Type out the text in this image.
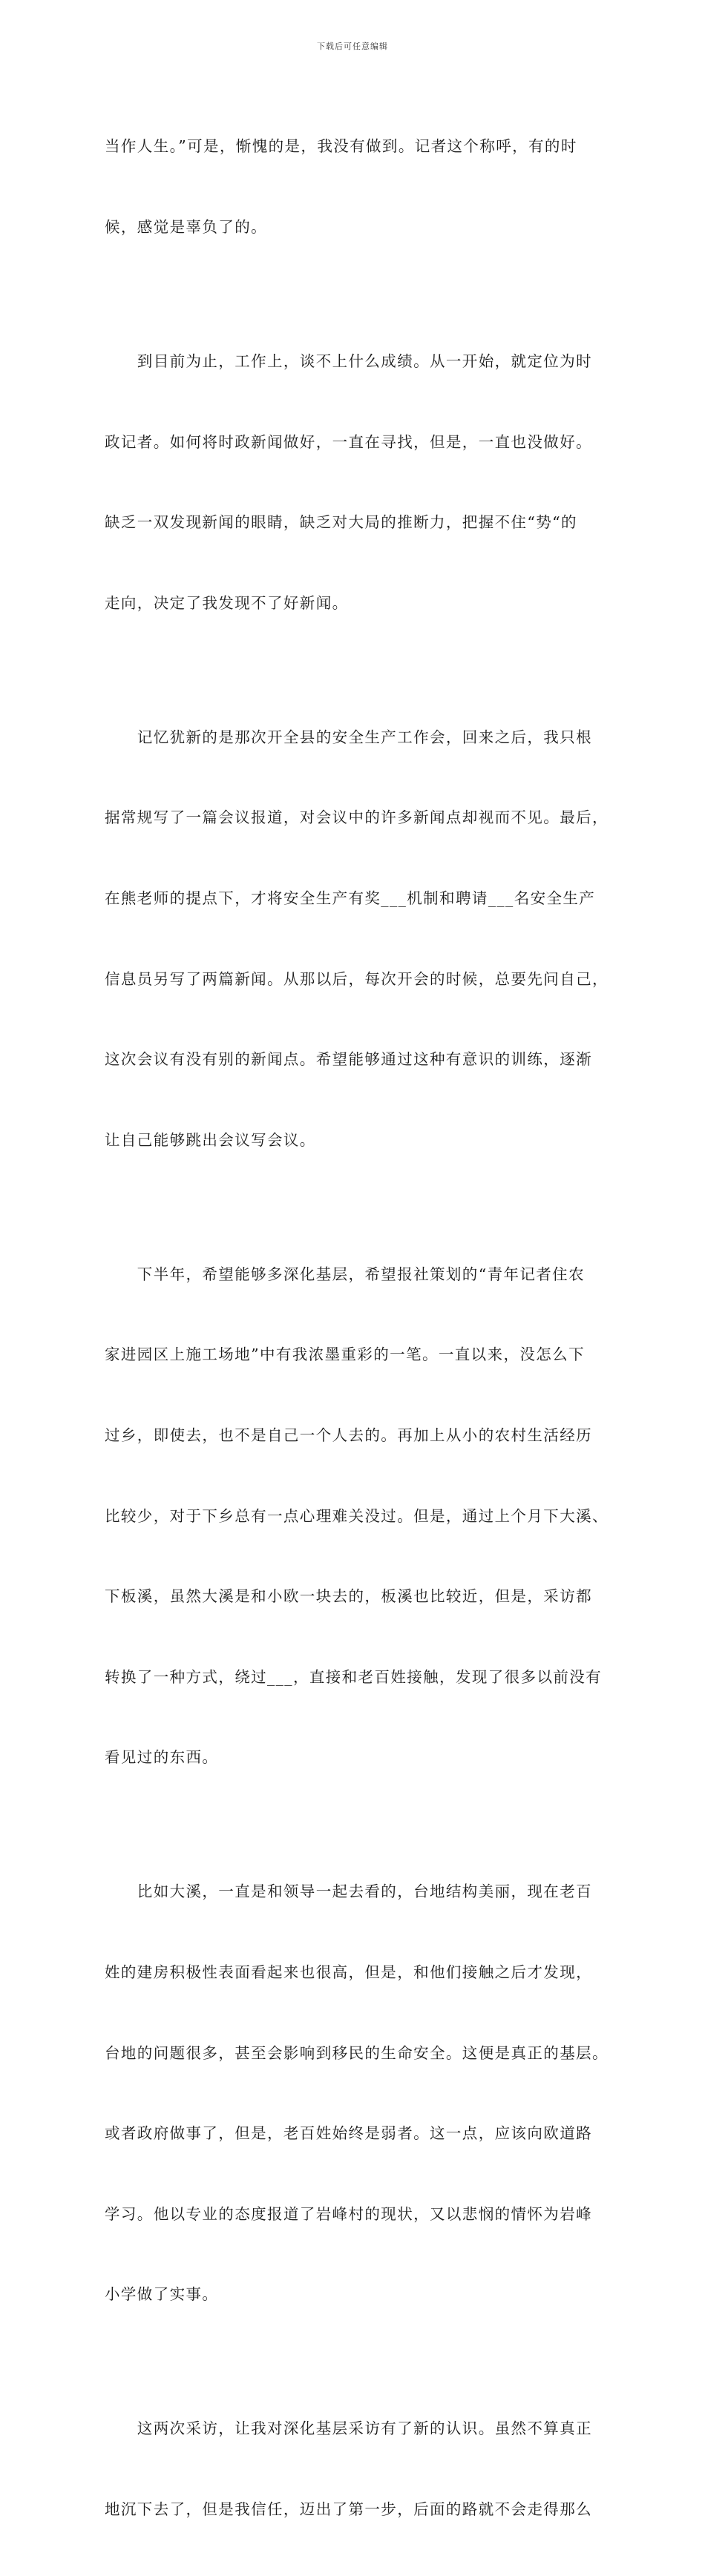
下载后可任意编辑

当作人生。”可是，惭愧的是，我没有做到。记者这个称呼，有的时

候，感觉是辜负了的。

　　到目前为止，工作上，谈不上什么成绩。从一开始，就定位为时

政记者。如何将时政新闻做好，一直在寻找，但是，一直也没做好。

缺乏一双发现新闻的眼睛，缺乏对大局的推断力，把握不住“势“的

走向，决定了我发现不了好新闻。

　　记忆犹新的是那次开全县的安全生产工作会，回来之后，我只根

据常规写了一篇会议报道，对会议中的许多新闻点却视而不见。最后，

在熊老师的提点下，才将安全生产有奖___机制和聘请___名安全生产

信息员另写了两篇新闻。从那以后，每次开会的时候，总要先问自己，

这次会议有没有别的新闻点。希望能够通过这种有意识的训练，逐渐

让自己能够跳出会议写会议。

　　下半年，希望能够多深化基层，希望报社策划的“青年记者住农

家进园区上施工场地”中有我浓墨重彩的一笔。一直以来，没怎么下

过乡，即使去，也不是自己一个人去的。再加上从小的农村生活经历

比较少，对于下乡总有一点心理难关没过。但是，通过上个月下大溪、

下板溪，虽然大溪是和小欧一块去的，板溪也比较近，但是，采访都

转换了一种方式，绕过___，直接和老百姓接触，发现了很多以前没有

看见过的东西。

　　比如大溪，一直是和领导一起去看的，台地结构美丽，现在老百

姓的建房积极性表面看起来也很高，但是，和他们接触之后才发现，

台地的问题很多，甚至会影响到移民的生命安全。这便是真正的基层。

或者政府做事了，但是，老百姓始终是弱者。这一点，应该向欧道路

学习。他以专业的态度报道了岩峰村的现状，又以悲悯的情怀为岩峰

小学做了实事。

　　这两次采访，让我对深化基层采访有了新的认识。虽然不算真正

地沉下去了，但是我信任，迈出了第一步，后面的路就不会走得那么
